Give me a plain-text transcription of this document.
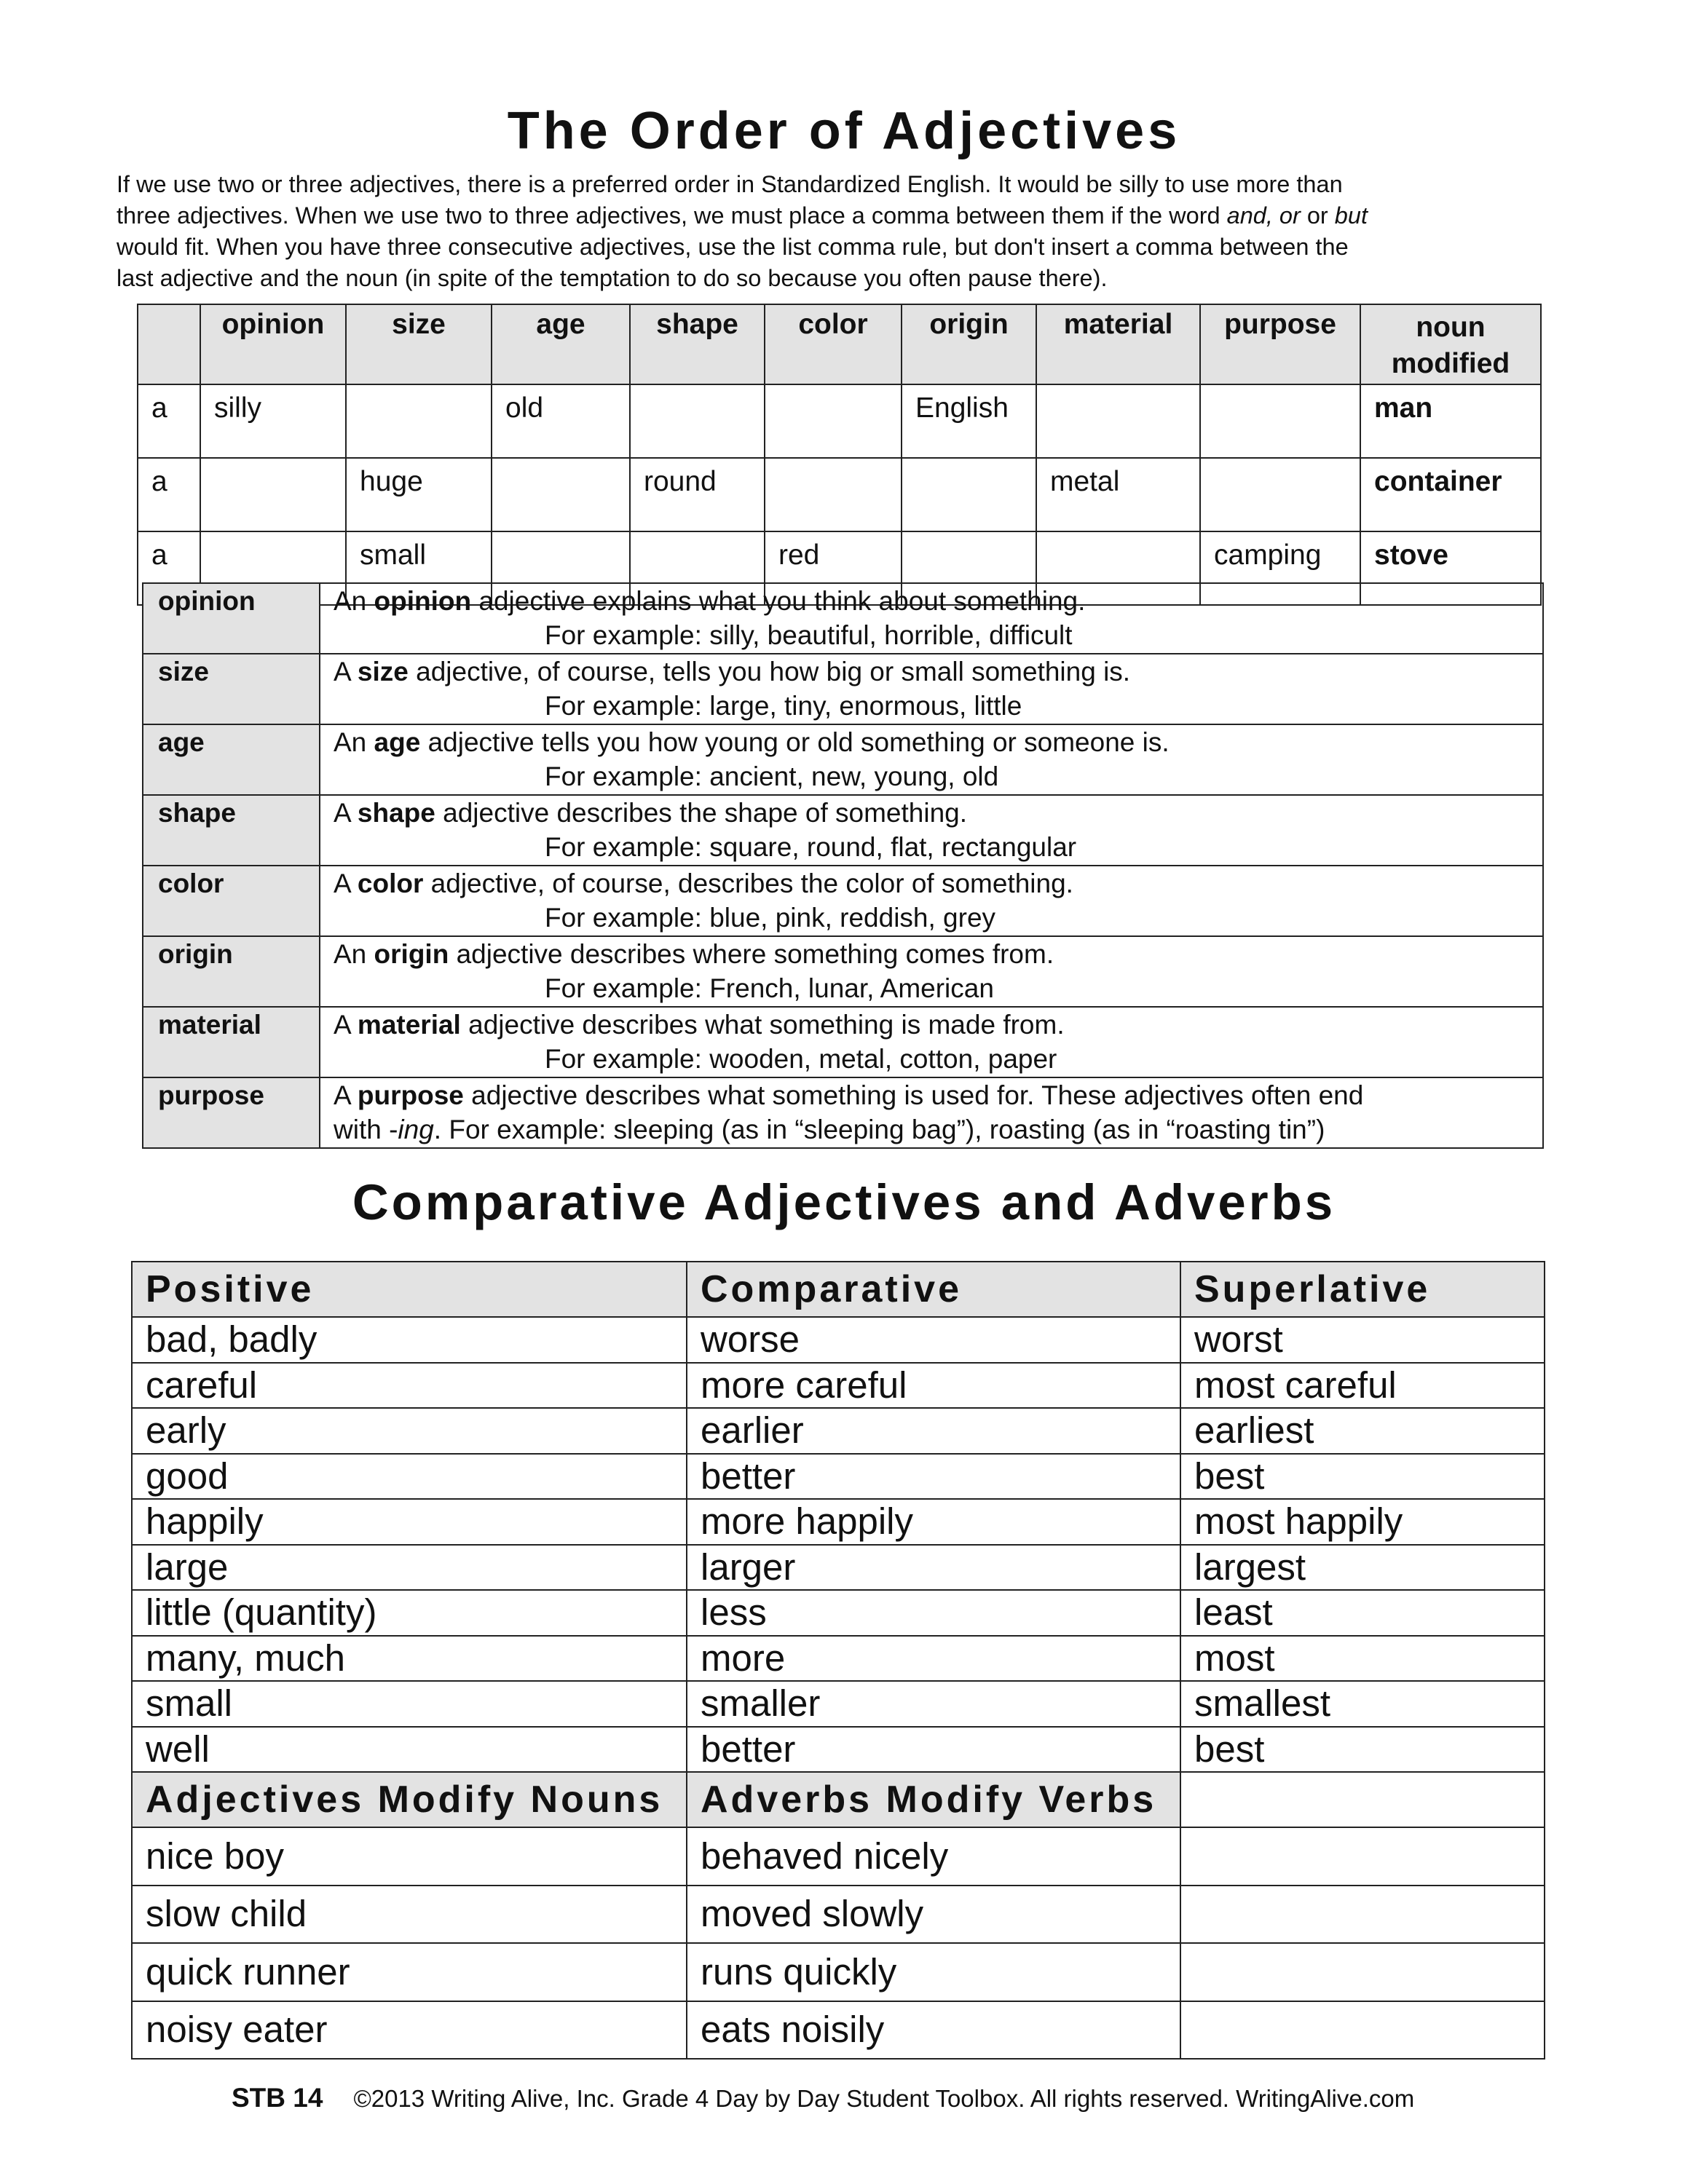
The Order of Adjectives

If we use two or three adjectives, there is a preferred order in Standardized English. It would be silly to use more than

three adjectives. When we use two to three adjectives, we must place a comma between them if the word and, or or but

would fit. When you have three consecutive adjectives, use the list comma rule, but don't insert a comma between the

last adjective and the noun (in spite of the temptation to do so because you often pause there).

	opinion	size	age	shape	color	origin	material	purpose	noun modified
a	silly		old			English			man
a		huge		round			metal		container
a		small			red			camping	stove
opinion	An opinion adjective explains what you think about something.
For example: silly, beautiful, horrible, difficult

size	A size adjective, of course, tells you how big or small something is.
For example: large, tiny, enormous, little

age	An age adjective tells you how young or old something or someone is.
For example: ancient, new, young, old

shape	A shape adjective describes the shape of something.
For example: square, round, flat, rectangular

color	A color adjective, of course, describes the color of something.
For example: blue, pink, reddish, grey

origin	An origin adjective describes where something comes from.
For example: French, lunar, American

material	A material adjective describes what something is made from.
For example: wooden, metal, cotton, paper

purpose	A purpose adjective describes what something is used for. These adjectives often end
with -ing. For example: sleeping (as in “sleeping bag”), roasting (as in “roasting tin”)
Comparative Adjectives and Adverbs
Positive	Comparative	Superlative
bad, badly	worse	worst
careful	more careful	most careful
early	earlier	earliest
good	better	best
happily	more happily	most happily
large	larger	largest
little (quantity)	less	least
many, much	more	most
small	smaller	smallest
well	better	best
Adjectives Modify Nouns	Adverbs Modify Verbs	
nice boy	behaved nicely	
slow child	moved slowly	
quick runner	runs quickly	
noisy eater	eats noisily	
STB 14 ©2013 Writing Alive, Inc. Grade 4 Day by Day Student Toolbox. All rights reserved. WritingAlive.com
